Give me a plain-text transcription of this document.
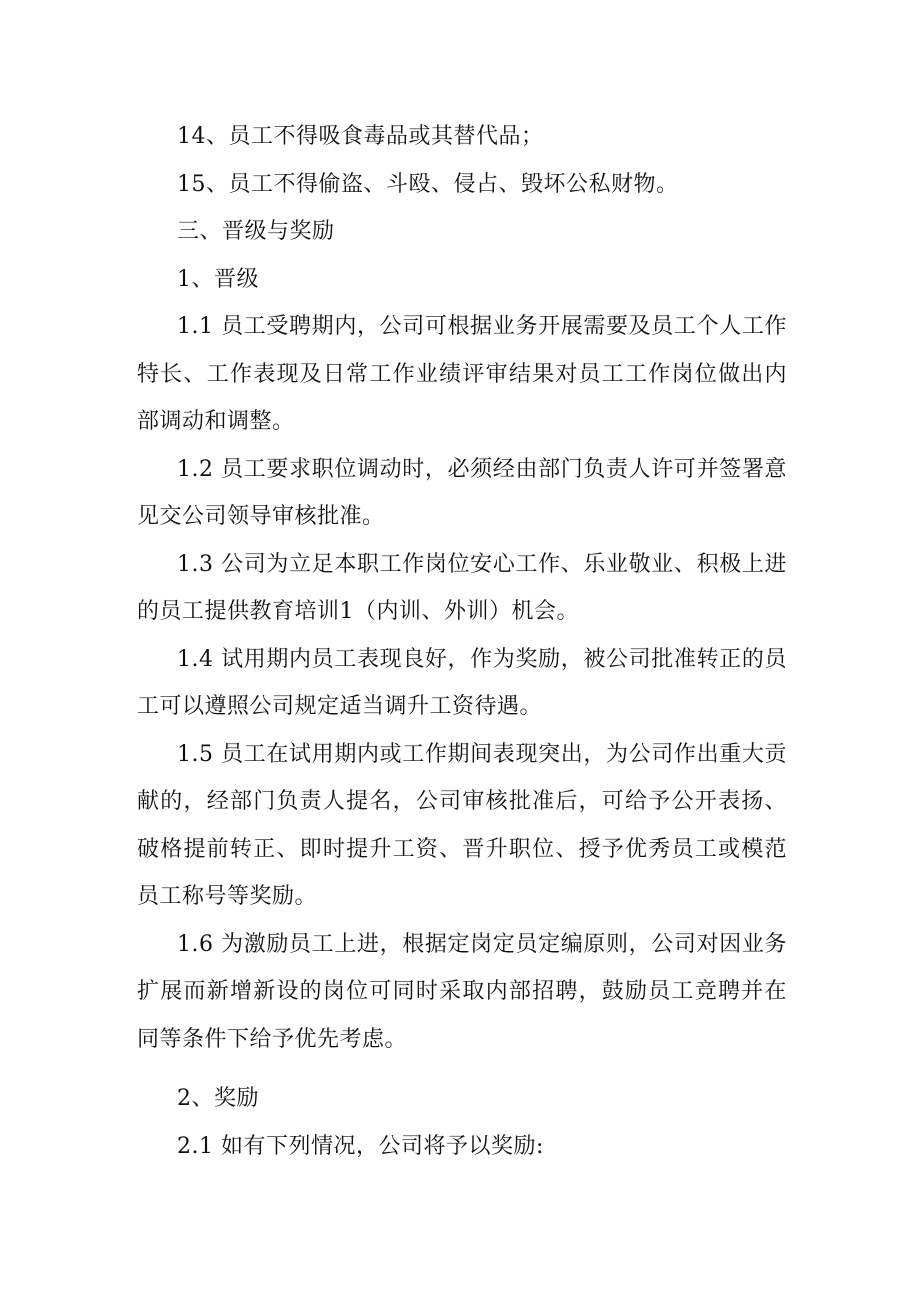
14、员工不得吸食毒品或其替代品；

15、员工不得偷盗、斗殴、侵占、毁坏公私财物。

三、晋级与奖励

1、晋级

1.1 员工受聘期内，公司可根据业务开展需要及员工个人工作特长、工作表现及日常工作业绩评审结果对员工工作岗位做出内部调动和调整。

1.2 员工要求职位调动时，必须经由部门负责人许可并签署意见交公司领导审核批准。

1.3 公司为立足本职工作岗位安心工作、乐业敬业、积极上进的员工提供教育培训1（内训、外训）机会。

1.4 试用期内员工表现良好，作为奖励，被公司批准转正的员工可以遵照公司规定适当调升工资待遇。

1.5 员工在试用期内或工作期间表现突出，为公司作出重大贡献的，经部门负责人提名，公司审核批准后，可给予公开表扬、破格提前转正、即时提升工资、晋升职位、授予优秀员工或模范员工称号等奖励。

1.6 为激励员工上进，根据定岗定员定编原则，公司对因业务扩展而新增新设的岗位可同时采取内部招聘，鼓励员工竞聘并在同等条件下给予优先考虑。

2、奖励

2.1 如有下列情况，公司将予以奖励:
